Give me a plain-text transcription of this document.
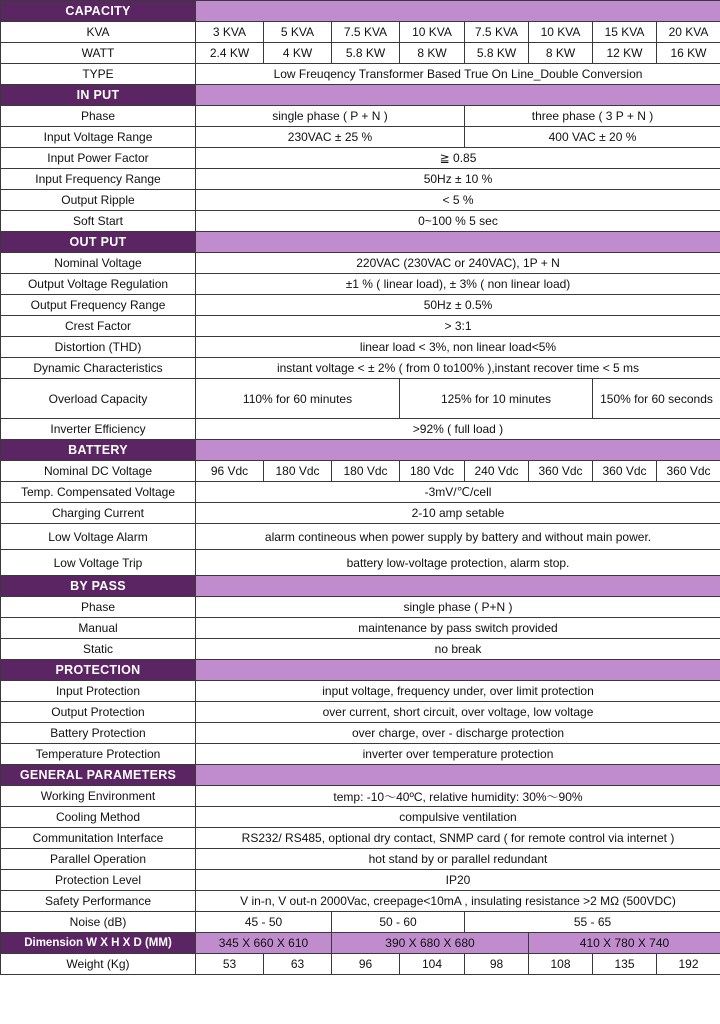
CAPACITY								
KVA	3 KVA	5 KVA	7.5 KVA	10 KVA	7.5 KVA	10 KVA	15 KVA	20 KVA
WATT	2.4 KW	4 KW	5.8 KW	8 KW	5.8 KW	8 KW	12 KW	16 KW
TYPE	Low Freuqency Transformer Based True On Line_Double Conversion							
IN PUT								
Phase	single phase ( P + N )				three phase ( 3 P + N )			
Input Voltage Range	230VAC ± 25 %				400 VAC ± 20 %			
Input Power Factor	≧ 0.85							
Input Frequency Range	50Hz ± 10 %							
Output Ripple	< 5 %							
Soft Start	0~100 % 5 sec							
OUT PUT								
Nominal Voltage	220VAC (230VAC or 240VAC), 1P + N							
Output Voltage Regulation	±1 % ( linear load), ± 3% ( non linear load)							
Output Frequency Range	50Hz ± 0.5%							
Crest Factor	> 3:1							
Distortion (THD)	linear load < 3%, non linear load<5%							
Dynamic Characteristics	instant voltage < ± 2% ( from 0 to100% ),instant recover time < 5 ms							
Overload Capacity	110% for 60 minutes			125% for 10 minutes			150% for 60 seconds	
Inverter Efficiency	>92% ( full load )							
BATTERY								
Nominal DC Voltage	96 Vdc	180 Vdc	180 Vdc	180 Vdc	240 Vdc	360 Vdc	360 Vdc	360 Vdc
Temp. Compensated Voltage	-3mV/℃/cell							
Charging Current	2-10 amp setable							
Low Voltage Alarm	alarm contineous when power supply by battery and without main power.							
Low Voltage Trip	battery low-voltage protection, alarm stop.							
BY PASS								
Phase	single phase ( P+N )							
Manual	maintenance by pass switch provided							
Static	no break							
PROTECTION								
Input Protection	input voltage, frequency under, over limit protection							
Output Protection	over current, short circuit, over voltage, low voltage							
Battery Protection	over charge, over - discharge protection							
Temperature Protection	inverter over temperature protection							
GENERAL PARAMETERS								
Working Environment	temp: -10～40ºC, relative humidity: 30%～90%							
Cooling Method	compulsive ventilation							
Communitation Interface	RS232/ RS485, optional dry contact, SNMP card ( for remote control via internet )							
Parallel Operation	hot stand by or parallel redundant							
Protection Level	IP20							
Safety Performance	V in-n, V out-n 2000Vac, creepage<10mA , insulating resistance >2 MΩ (500VDC)							
Noise (dB)	45 - 50		50 - 60		55 - 65			
Dimension W X H X D (MM)	345 X 660 X 610		390 X 680 X 680			410 X 780 X 740		
Weight (Kg)	53	63	96	104	98	108	135	192
